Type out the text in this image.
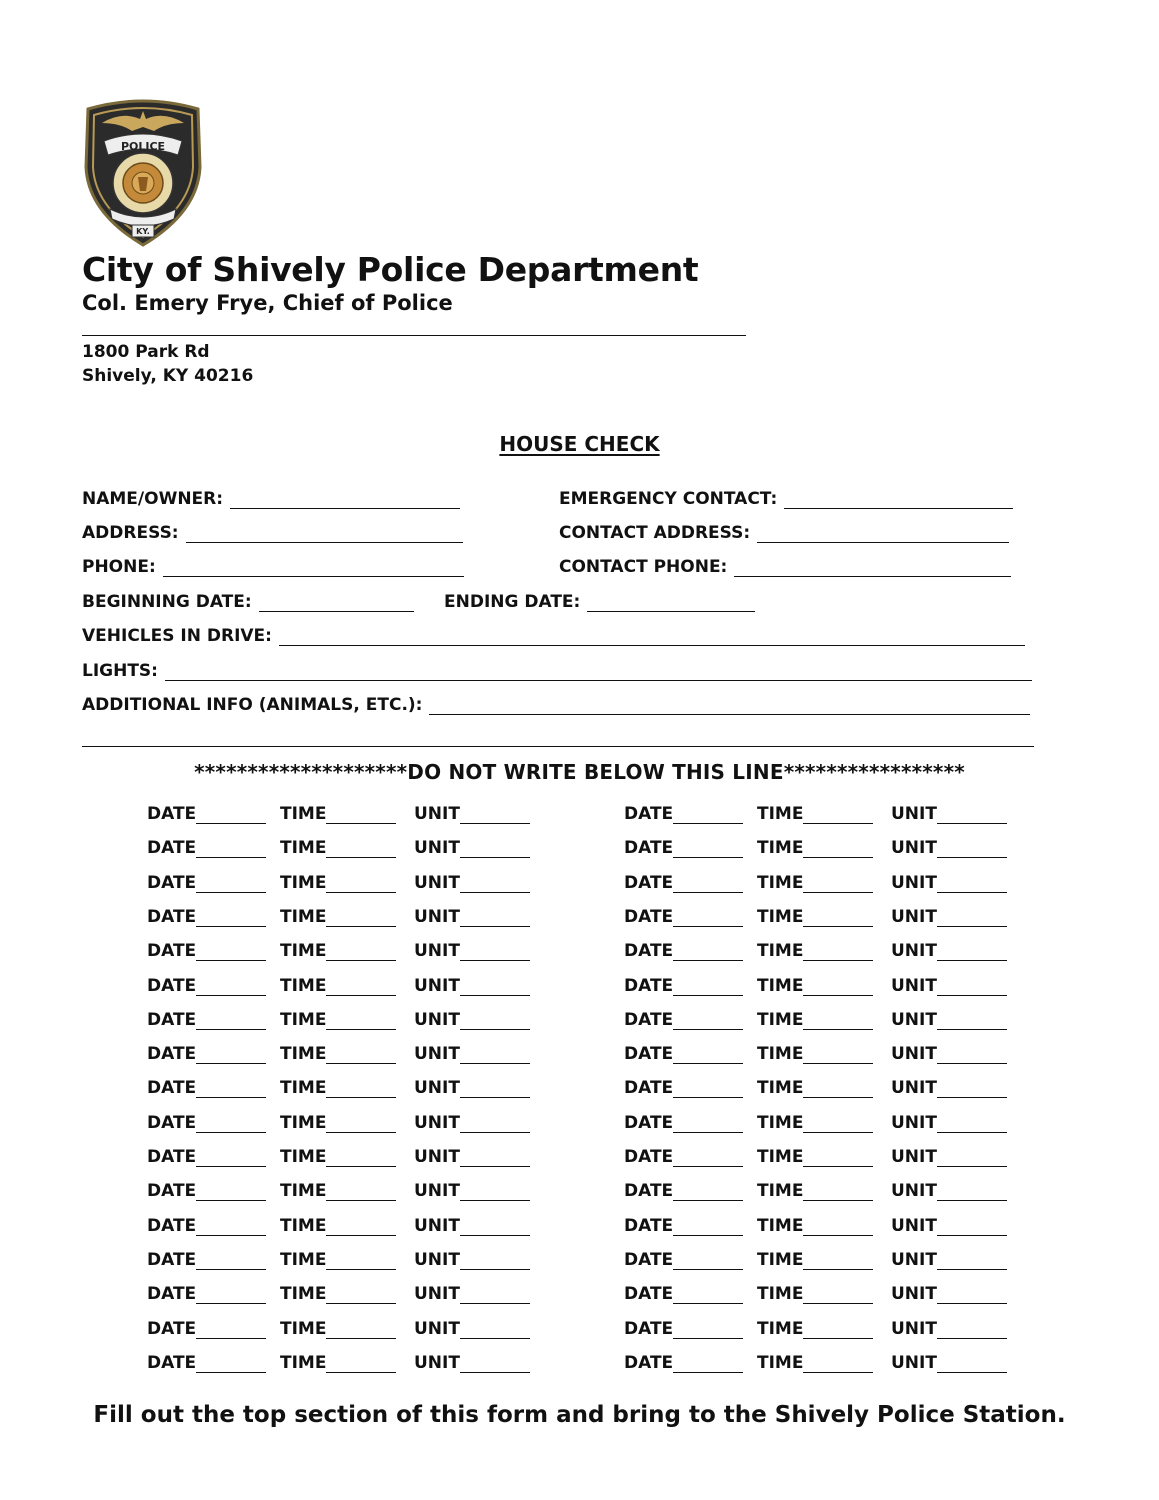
POLICE
KY.
City of Shively Police Department
Col. Emery Frye, Chief of Police
1800 Park Rd
Shively, KY 40216
HOUSE CHECK
NAME/OWNER:	EMERGENCY CONTACT:
ADDRESS:	CONTACT ADDRESS:
PHONE:	CONTACT PHONE:
BEGINNING DATE:	ENDING DATE:
VEHICLES IN DRIVE:
LIGHTS:
ADDITIONAL INFO (ANIMALS, ETC.):
********************DO NOT WRITE BELOW THIS LINE*****************
DATE	TIME	UNIT
DATE	TIME	UNIT
DATE	TIME	UNIT
DATE	TIME	UNIT
DATE	TIME	UNIT
DATE	TIME	UNIT
DATE	TIME	UNIT
DATE	TIME	UNIT
DATE	TIME	UNIT
DATE	TIME	UNIT
DATE	TIME	UNIT
DATE	TIME	UNIT
DATE	TIME	UNIT
DATE	TIME	UNIT
DATE	TIME	UNIT
DATE	TIME	UNIT
DATE	TIME	UNIT
DATE	TIME	UNIT
DATE	TIME	UNIT
DATE	TIME	UNIT
DATE	TIME	UNIT
DATE	TIME	UNIT
DATE	TIME	UNIT
DATE	TIME	UNIT
DATE	TIME	UNIT
DATE	TIME	UNIT
DATE	TIME	UNIT
DATE	TIME	UNIT
DATE	TIME	UNIT
DATE	TIME	UNIT
DATE	TIME	UNIT
DATE	TIME	UNIT
DATE	TIME	UNIT
DATE	TIME	UNIT
Fill out the top section of this form and bring to the Shively Police Station.
